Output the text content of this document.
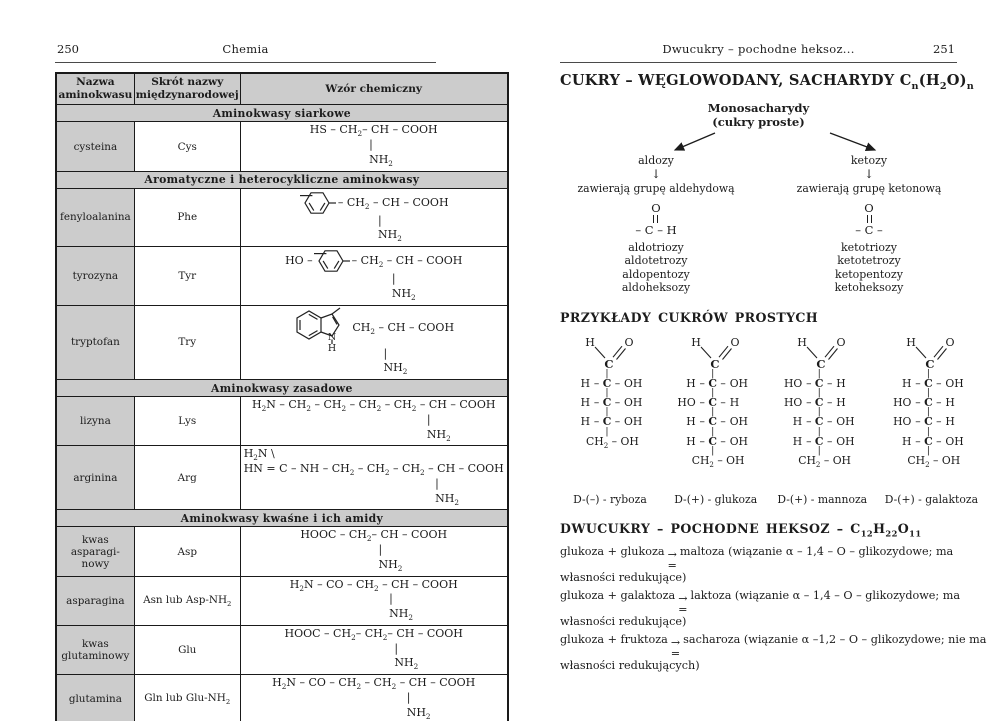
250	Chemia
Nazwa aminokwasu	Skrót nazwy międzynarodowej	Wzór chemiczny
Aminokwasy siarkowe		
cysteina	Cys	HS – $CH_2-$ CH – COOH
|
$NH_2$

Aromatyczne i heterocykliczne aminokwasy		
fenyloalanina	Phe	– $CH_2$ – CH – COOH
|
$NH_2$

tyrozyna	Tyr	HO – – $CH_2$ – CH – COOH
|
$NH_2$

tryptofan	Try	N
H
$CH_2$ – CH – COOH
|
$NH_2$

Aminokwasy zasadowe		
lizyna	Lys	$H_2N - CH_2 - CH_2 - CH_2 - CH_2$ – CH – COOH
|
$NH_2$

arginina	Arg	$H_2N$ \
HN = C – NH – $CH_2 - CH_2 - CH_2$ – CH – COOH
|
$NH_2$

Aminokwasy kwaśne i ich amidy		
kwas asparaginowy	Asp	HOOC – $CH_2-$ CH – COOH
|
$NH_2$

asparagina	Asn lub Asp-$NH_2$	$H_2N$ – CO – $CH_2$ – CH – COOH
|
$NH_2$

kwas glutaminowy	Glu	HOOC – $CH_2-$ $CH_2-$ CH – COOH
|
$NH_2$

glutamina	Gln lub Glu-$NH_2$	$H_2N$ – CO – $CH_2 - CH_2$ – CH – COOH
|
$NH_2$
Dwucukry – pochodne heksoz...	251
CUKRY – WĘGLOWODANY, SACHARYDY $C_n(H_2O)_n$
Monosacharydy
(cukry proste)
aldozy
↓
zawierają grupę aldehydową
O
– C – H
aldotriozy
aldotetrozy
aldopentozy
aldoheksozy
ketozy
↓
zawierają grupę ketonową
O
– C –
ketotriozy
ketotetrozy
ketopentozy
ketoheksozy
PRZYKŁADY CUKRÓW PROSTYCH
H	O
C
|
H – C – OH
|
H – C – OH
|
H – C – OH
|
$CH_2$ – OH
D-(–) - ryboza
H	O
C
|
H – C – OH
|
HO – C – H
|
H – C – OH
|
H – C – OH
|
$CH_2$ – OH
D-(+) - glukoza
H	O
C
|
HO – C – H
|
HO – C – H
|
H – C – OH
|
H – C – OH
|
$CH_2$ – OH
D-(+) - mannoza
H	O
C
|
H – C – OH
|
HO – C – H
|
HO – C – H
|
H – C – OH
|
$CH_2$ – OH
D-(+) - galaktoza
DWUCUKRY – POCHODNE HEKSOZ – $C_{12}H_{22}O_{11}$
glukoza + glukoza →
=
maltoza (wiązanie α – 1,4 – O – glikozydowe; ma własności redukujące)
glukoza + galaktoza →
=
laktoza (wiązanie α – 1,4 – O – glikozydowe; ma własności redukujące)
glukoza + fruktoza →
=
sacharoza (wiązanie α –1,2 – O – glikozydowe; nie ma własności redukujących)
